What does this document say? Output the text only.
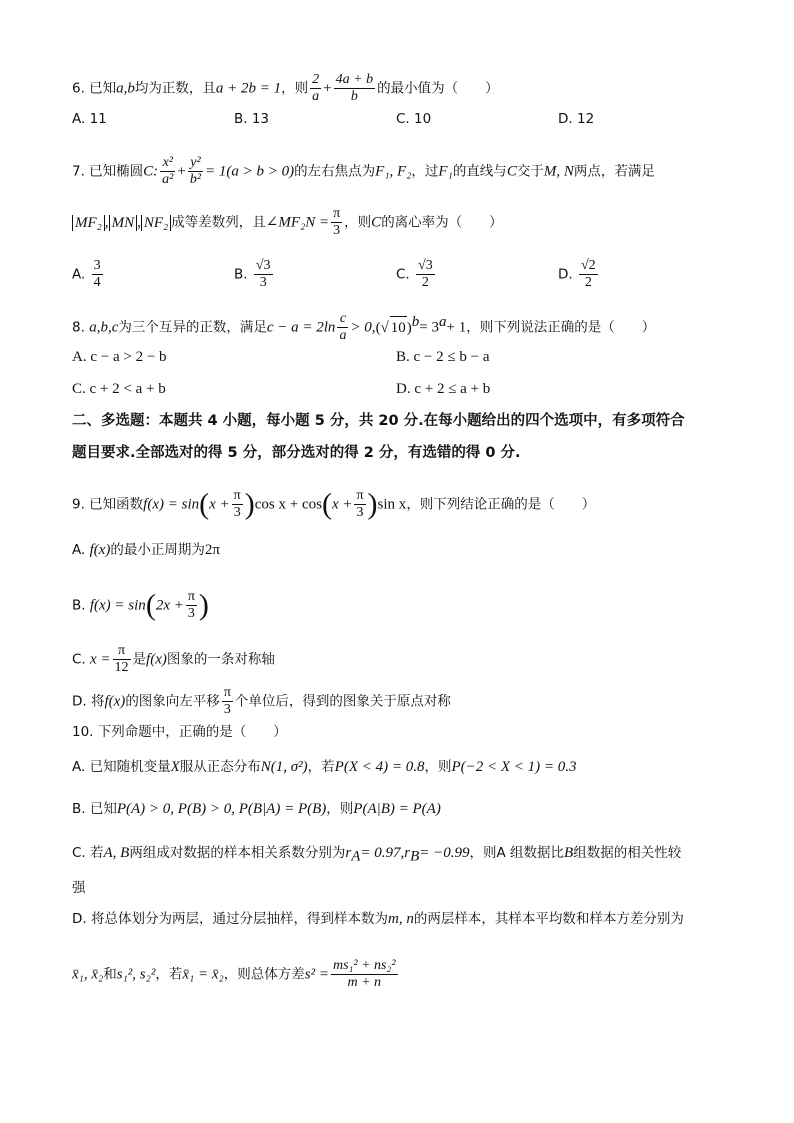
6. 已知a,b均为正数，且a + 2b = 1，则 $\frac{2}{a} + \frac{4a + b}{b}$ 的最小值为（　　）
A. 11	B. 13	C. 10	D. 12
7. 已知椭圆C: $\frac{\text{x²}}{\text{a²}} + \frac{\text{y²}}{\text{b²}} = 1(a > b > 0)$的左右焦点为F₁, F₂，过F₁的直线与C交于M, N两点，若满足
MF₂ , MN , NF₂ 成等差数列，且∠MF₂N = $\frac{\pi}{3}$ ，则C的离心率为（　　）
A. $\frac{3}{4}$	B. $\frac{√3}{3}$	C. $\frac{√3}{2}$	D. $\frac{√2}{2}$
8. a,b,c为三个互异的正数，满足$c - a = 2\ln \frac{c}{a} > 0,(√$ $10)^b= 3^a+ 1$，则下列说法正确的是（　　）
A. c − a > 2 − b	B. c − 2 ≤ b − a
C. c + 2 < a + b	D. c + 2 ≤ a + b
二、多选题：本题共 4 小题，每小题 5 分，共 20 分.在每小题给出的四个选项中，有多项符合
题目要求.全部选对的得 5 分，部分选对的得 2 分，有选错的得 0 分.
9. 已知函数$f(x) = \sin(x + \frac{\pi}{3} )\cos$ $x + \cos(x + \frac{\pi}{3} )\sin$ x，则下列结论正确的是（　　）
A. f(x)的最小正周期为2π
B. $f(x) = \sin(2x + \frac{\pi}{3}$ )
C. $x = \frac{\pi}{12}$ 是f(x)图象的一条对称轴
D. 将f(x)的图象向左平移 $\frac{\pi}{3}$ 个单位后，得到的图象关于原点对称
10. 下列命题中，正确的是（　　）
A. 已知随机变量X服从正态分布N(1, σ²)，若P(X < 4) = 0.8，则P(−2 < X < 1) = 0.3
B. 已知P(A) > 0, P(B) > 0, P(B|A) = P(B)，则P(A|B) = P(A)
C. 若A, B两组成对数据的样本相关系数分别为$r_A= 0.97,r_B= -0.99$，则A 组数据比B组数据的相关性较
强
D. 将总体划分为两层，通过分层抽样，得到样本数为m, n的两层样本，其样本平均数和样本方差分别为
x̄₁, x̄₂和s₁², s₂²，若x̄₁ = x̄₂，则总体方差$s^2 = \frac{\text{ms₁² + ns₂²}}{m + n}$
